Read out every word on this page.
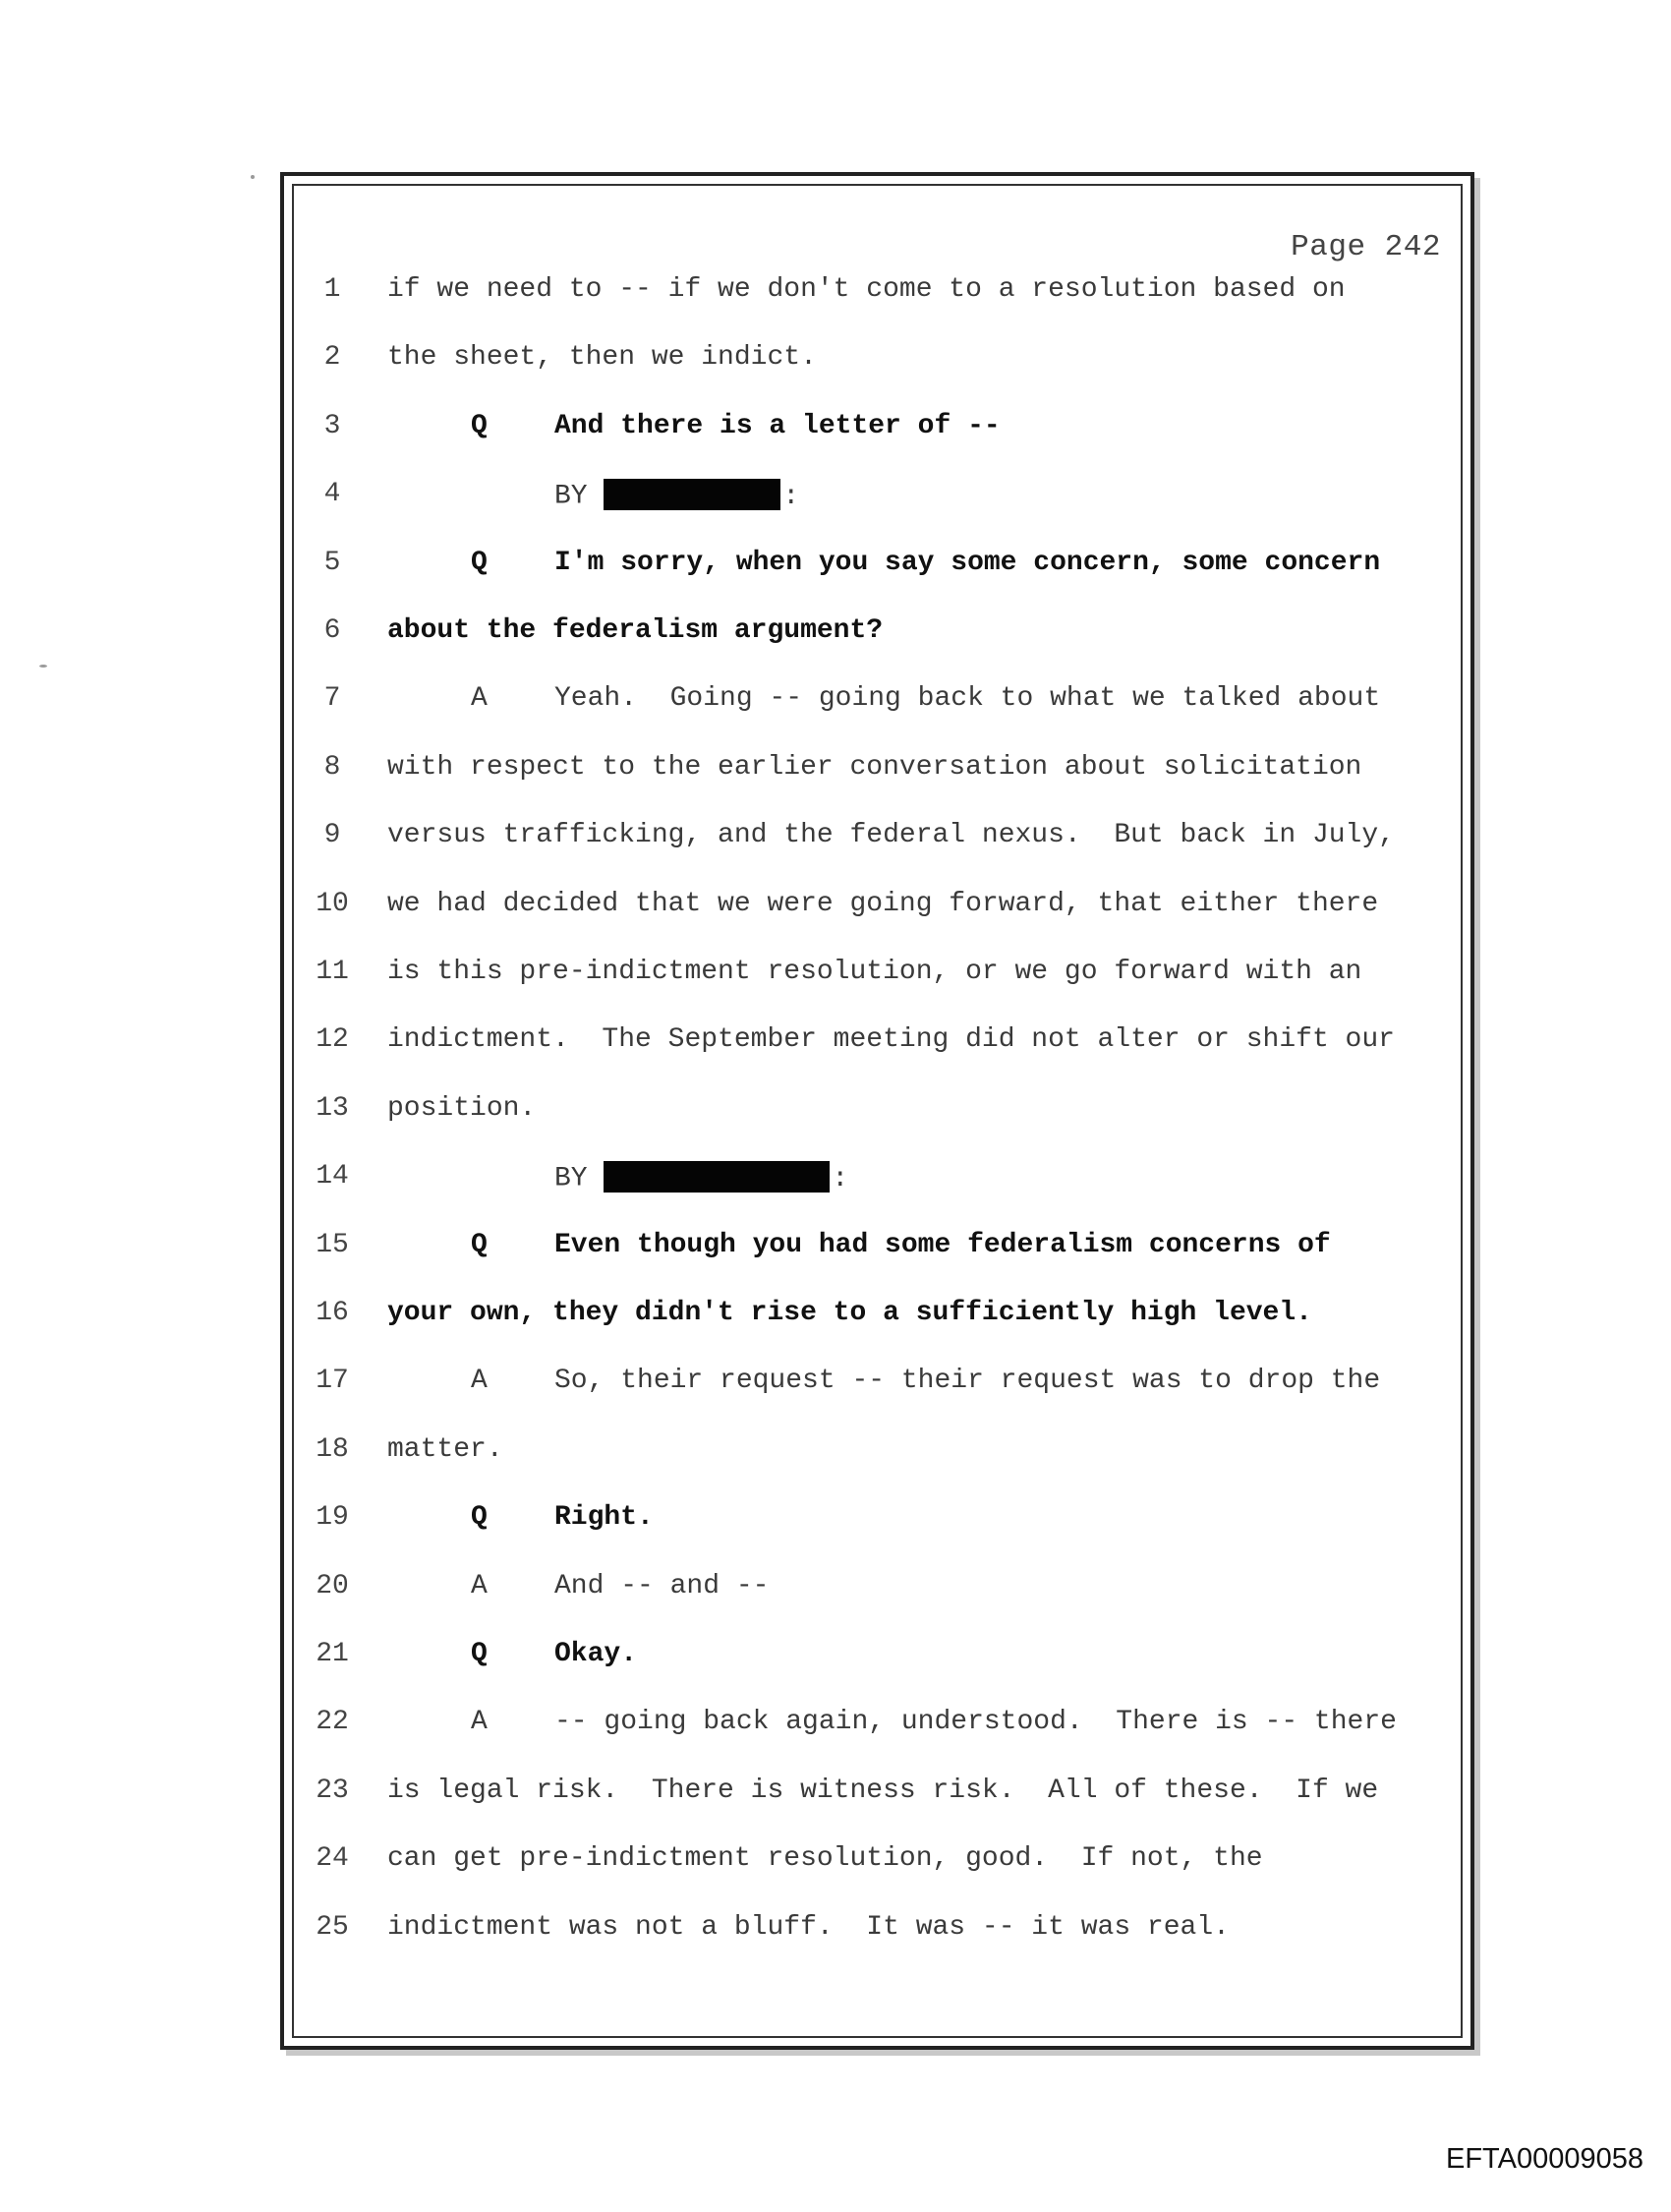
Page 242
1	if we need to -- if we don't come to a resolution based on
2	the sheet, then we indict.
3	Q And there is a letter of --
4	BY	:
5	Q I'm sorry, when you say some concern, some concern
6	about the federalism argument?
7	A Yeah.  Going -- going back to what we talked about
8	with respect to the earlier conversation about solicitation
9	versus trafficking, and the federal nexus.  But back in July,
10 we had decided that we were going forward, that either there
11 is this pre-indictment resolution, or we go forward with an
12 indictment.  The September meeting did not alter or shift our
13 position.
14	BY	:
15	Q Even though you had some federalism concerns of
16 your own, they didn't rise to a sufficiently high level.
17	A So, their request -- their request was to drop the
18 matter.
19	Q Right.
20	A And -- and --
21	Q Okay.
22	A -- going back again, understood.  There is -- there
23 is legal risk.  There is witness risk.  All of these.  If we
24 can get pre-indictment resolution, good.  If not, the
25 indictment was not a bluff.  It was -- it was real.
EFTA00009058
